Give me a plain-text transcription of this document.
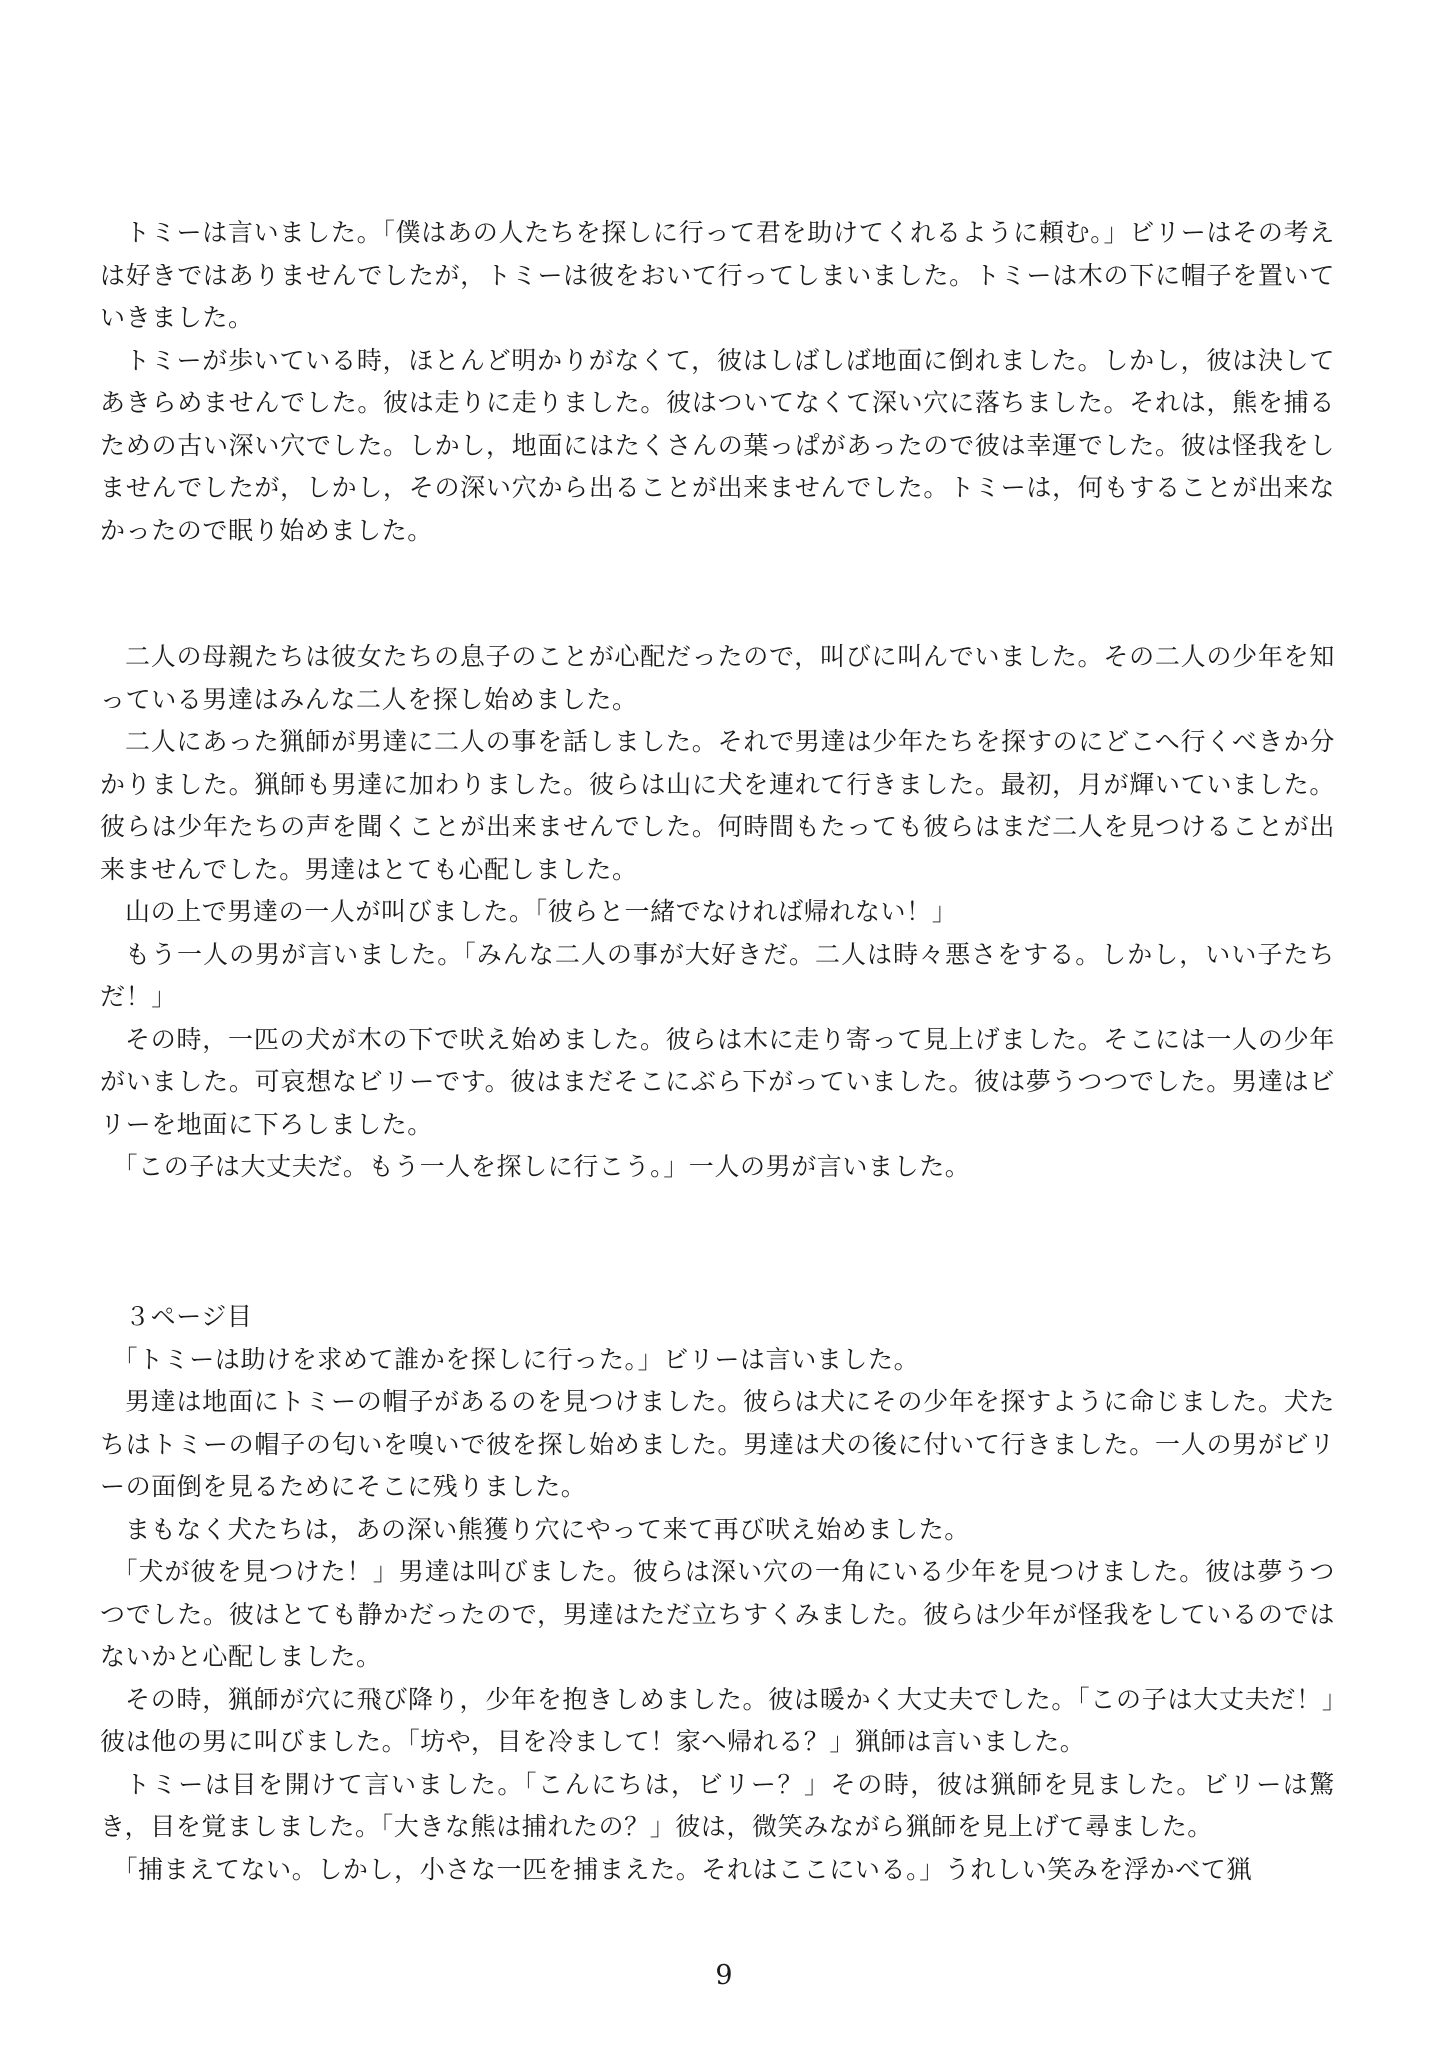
トミーは言いました。「僕はあの人たちを探しに行って君を助けてくれるように頼む。」ビリーはその考えは好きではありませんでしたが，トミーは彼をおいて行ってしまいました。トミーは木の下に帽子を置いていきました。

トミーが歩いている時，ほとんど明かりがなくて，彼はしばしば地面に倒れました。しかし，彼は決してあきらめませんでした。彼は走りに走りました。彼はついてなくて深い穴に落ちました。それは，熊を捕るための古い深い穴でした。しかし，地面にはたくさんの葉っぱがあったので彼は幸運でした。彼は怪我をしませんでしたが，しかし，その深い穴から出ることが出来ませんでした。トミーは，何もすることが出来なかったので眠り始めました。

二人の母親たちは彼女たちの息子のことが心配だったので，叫びに叫んでいました。その二人の少年を知っている男達はみんな二人を探し始めました。

二人にあった猟師が男達に二人の事を話しました。それで男達は少年たちを探すのにどこへ行くべきか分かりました。猟師も男達に加わりました。彼らは山に犬を連れて行きました。最初，月が輝いていました。彼らは少年たちの声を聞くことが出来ませんでした。何時間もたっても彼らはまだ二人を見つけることが出来ませんでした。男達はとても心配しました。

山の上で男達の一人が叫びました。「彼らと一緒でなければ帰れない！」

もう一人の男が言いました。「みんな二人の事が大好きだ。二人は時々悪さをする。しかし，いい子たちだ！」

その時，一匹の犬が木の下で吠え始めました。彼らは木に走り寄って見上げました。そこには一人の少年がいました。可哀想なビリーです。彼はまだそこにぶら下がっていました。彼は夢うつつでした。男達はビリーを地面に下ろしました。

「この子は大丈夫だ。もう一人を探しに行こう。」一人の男が言いました。

３ページ目

「トミーは助けを求めて誰かを探しに行った。」ビリーは言いました。

男達は地面にトミーの帽子があるのを見つけました。彼らは犬にその少年を探すように命じました。犬たちはトミーの帽子の匂いを嗅いで彼を探し始めました。男達は犬の後に付いて行きました。一人の男がビリーの面倒を見るためにそこに残りました。

まもなく犬たちは，あの深い熊獲り穴にやって来て再び吠え始めました。

「犬が彼を見つけた！」男達は叫びました。彼らは深い穴の一角にいる少年を見つけました。彼は夢うつつでした。彼はとても静かだったので，男達はただ立ちすくみました。彼らは少年が怪我をしているのではないかと心配しました。

その時，猟師が穴に飛び降り，少年を抱きしめました。彼は暖かく大丈夫でした。「この子は大丈夫だ！」彼は他の男に叫びました。「坊や，目を冷まして！家へ帰れる？」猟師は言いました。

トミーは目を開けて言いました。「こんにちは，ビリー？」その時，彼は猟師を見ました。ビリーは驚き，目を覚ましました。「大きな熊は捕れたの？」彼は，微笑みながら猟師を見上げて尋ました。

「捕まえてない。しかし，小さな一匹を捕まえた。それはここにいる。」うれしい笑みを浮かべて猟

9
